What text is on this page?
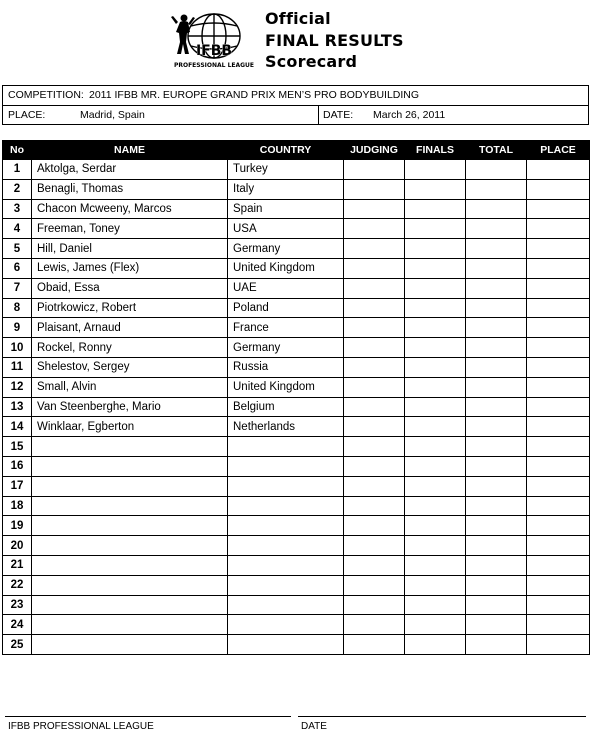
IFBB
PROFESSIONAL LEAGUE
Official
FINAL RESULTS
Scorecard
COMPETITION: 2011 IFBB MR. EUROPE GRAND PRIX MEN’S PRO BODYBUILDING
PLACE:	Madrid, Spain	DATE: March 26, 2011
No	NAME	COUNTRY	JUDGING	FINALS	TOTAL	PLACE
1	Aktolga, Serdar	Turkey				
2	Benagli, Thomas	Italy				
3	Chacon Mcweeny, Marcos	Spain				
4	Freeman, Toney	USA				
5	Hill, Daniel	Germany				
6	Lewis, James (Flex)	United Kingdom				
7	Obaid, Essa	UAE				
8	Piotrkowicz, Robert	Poland				
9	Plaisant, Arnaud	France				
10	Rockel, Ronny	Germany				
11	Shelestov, Sergey	Russia				
12	Small, Alvin	United Kingdom				
13	Van Steenberghe, Mario	Belgium				
14	Winklaar, Egberton	Netherlands				
15						
16						
17						
18						
19						
20						
21						
22						
23						
24						
25						
IFBB PROFESSIONAL LEAGUE	DATE
